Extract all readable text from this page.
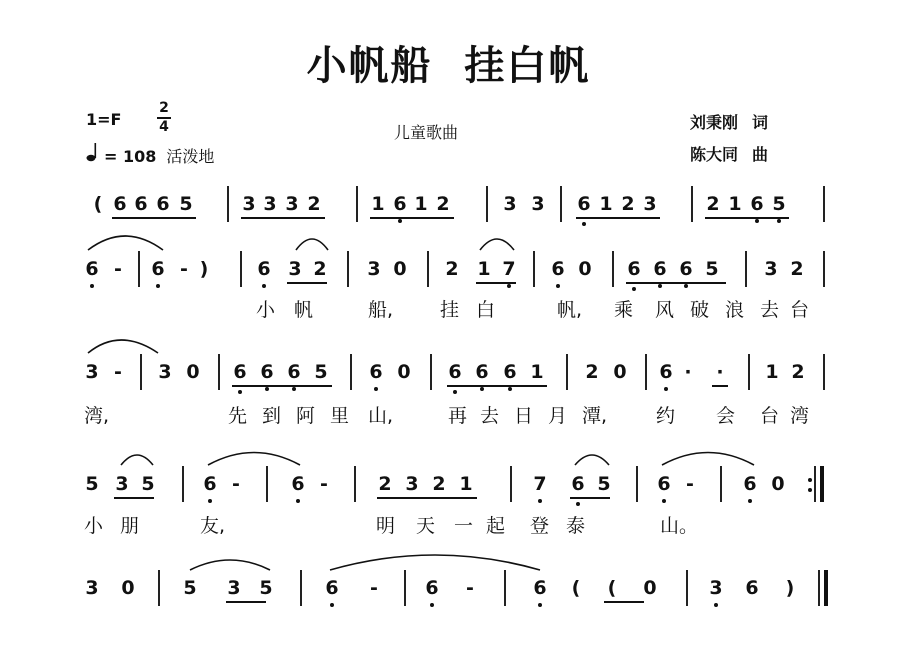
小帆船  挂白帆
1=F
2
4
= 108 活泼地
儿童歌曲
刘秉刚 词
陈大同 曲
( 6 6 6 5	3 3 3 2	1 6 1 2	3 3 6 1 2 3	2 1 6 5
6 - 6 - )	6 3 2 3 0 2 1 7 6 0 6 6 6 5 3 2
小 帆	船, 挂 白	帆, 乘 风 破 浪 去 台
3 - 3 0 6 6 6 5 6 0 6 6 6 1 2 0 6 · · 1 2
湾,	先 到 阿 里 山,	再 去 日 月 潭,	约 会 台 湾
5 3 5	6 -	6 -	2 3 2 1	7 6 5 6 -	6 0
小 朋	友,	明 天 一 起 登 泰	山。
3 0	5 3 5	6 - 6 -	6 ( ( 0	3 6 )
